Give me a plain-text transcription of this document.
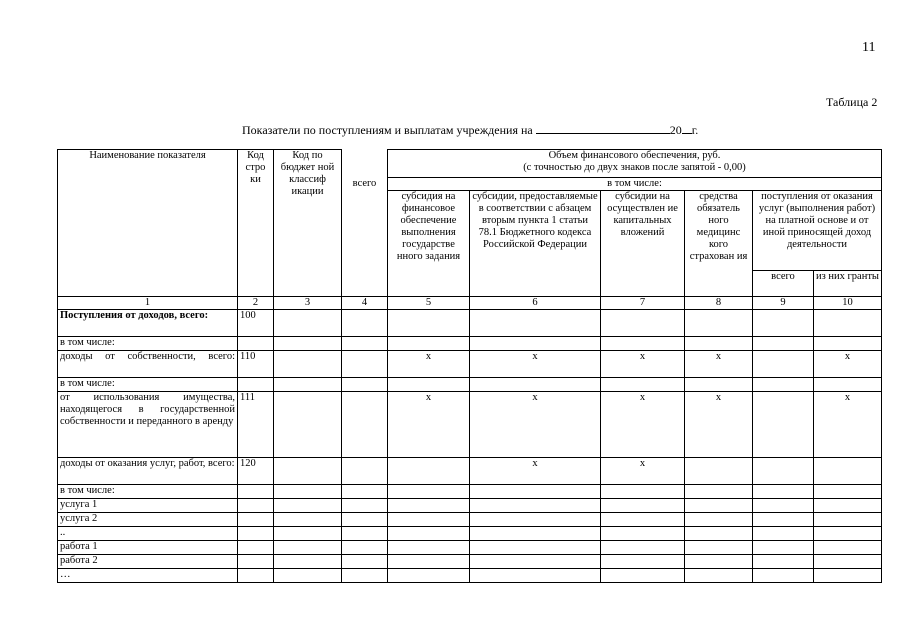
11
Таблица 2
Показатели по поступлениям и выплатам учреждения на	20 г.
Наименование показателя	Код стро ки	Код по бюджет ной классиф икации	всего	Объем финансового обеспечения, руб.
(с точностью до двух знаков после запятой - 0,00)					

				в том числе:					
				субсидия на финансовое обеспечение выполнения государстве нного задания	субсидии, предоставляемые в соответствии с абзацем вторым пункта 1 статьи 78.1 Бюджетного кодекса Российской Федерации	субсидии на осуществлен ие капитальных вложений	средства обязатель ного медицинс кого страхован ия	поступления от оказания услуг (выполнения работ) на платной основе и от иной приносящей доход деятельности	
								всего	из них гранты
1	2	3	4	5	6	7	8	9	10
Поступления от доходов, всего:	100								
в том числе:									

доходы от собственности, всего:	110			x	x	x	x		x
в том числе:									
от использования имущества, находящегося в государственной собственности и переданного в аренду	111			x	x	x	x		x
доходы от оказания услуг, работ, всего:	120				x	x			
в том числе:									
услуга 1									
услуга 2									
..									
работа 1									
работа 2									
…									
